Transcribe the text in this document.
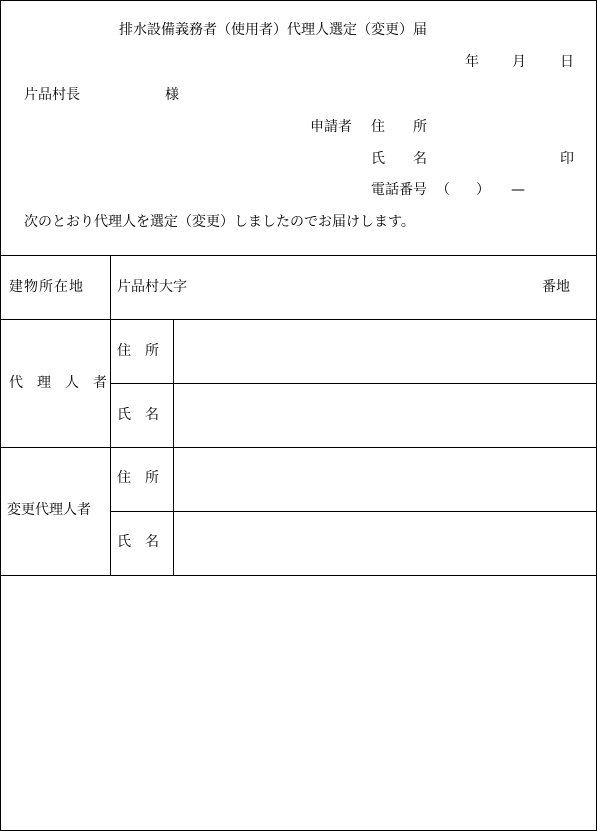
排水設備義務者（使用者）代理人選定（変更）届
年 月 日
片品村長	様
申請者 住　　所
氏　　名	印
電話番号 （ ） —
次のとおり代理人を選定（変更）しましたのでお届けします。
建物所在地 片品村大字	番地
代　理　人　者
住　所
氏　名
変更代理人者
住　所
氏　名
